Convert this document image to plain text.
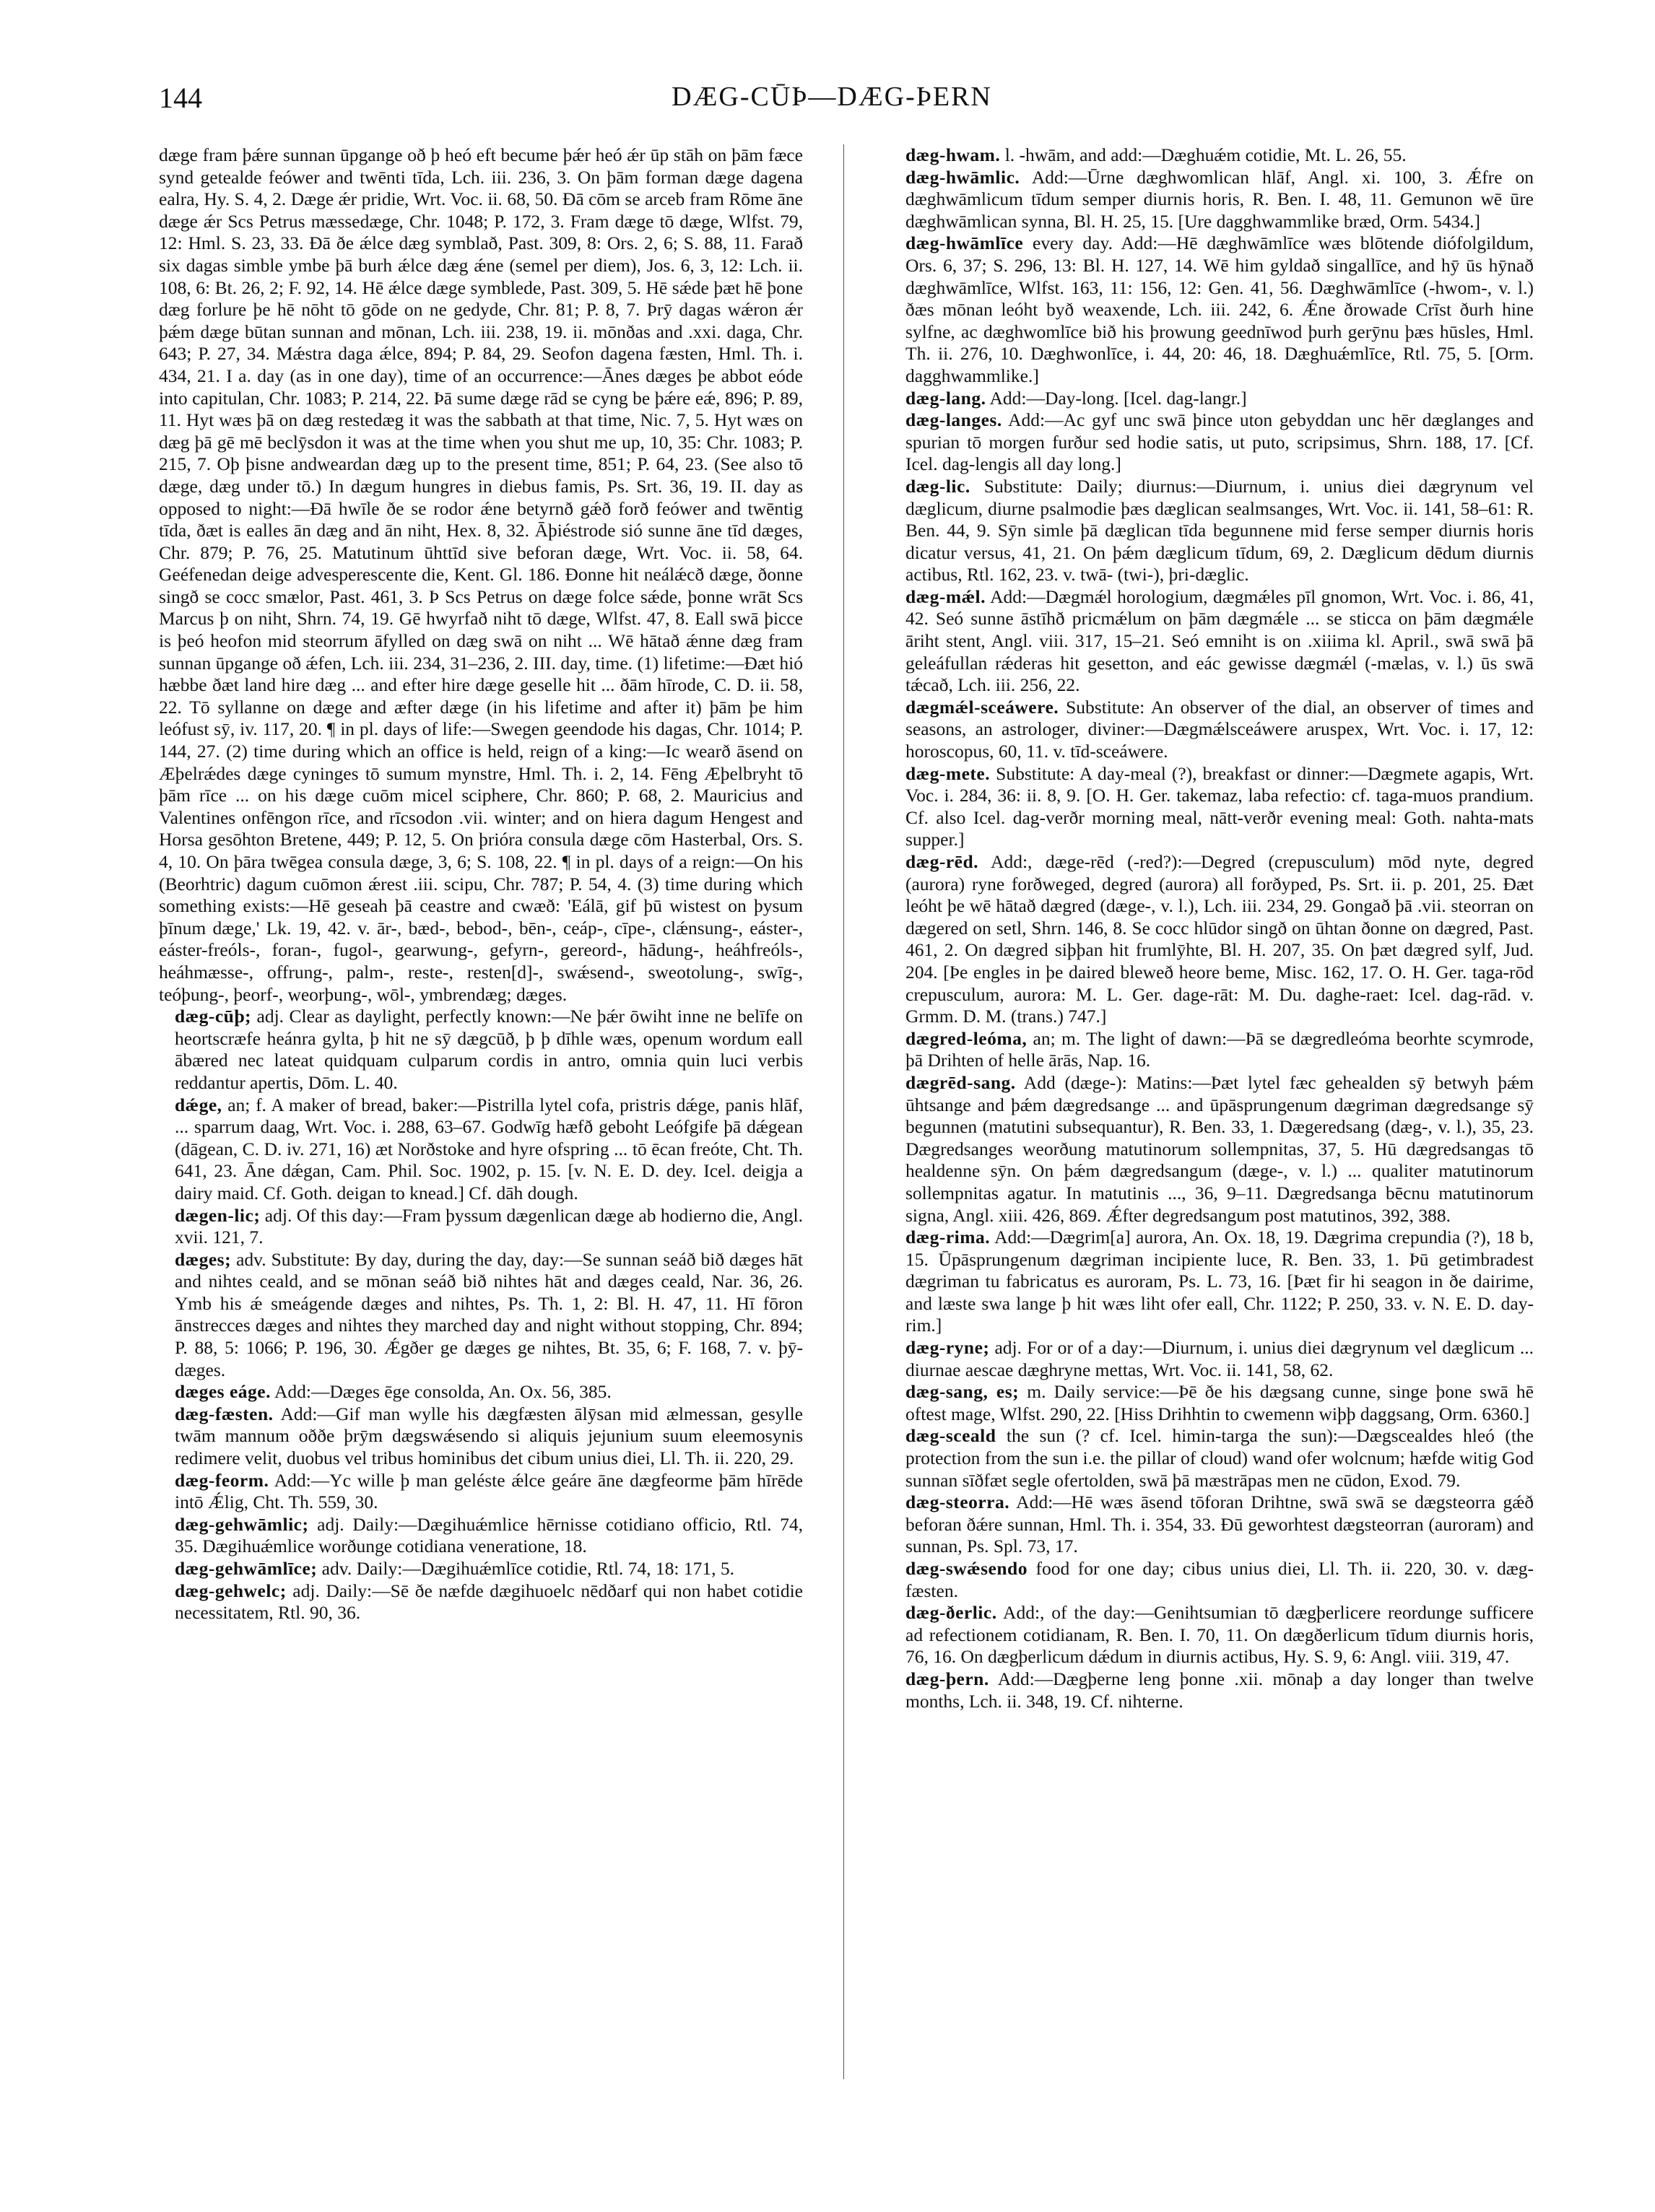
144	DÆG-CŪÞ—DÆG-ÞERN

dæge fram þǽre sunnan ūpgange oð þ heó eft becume þǽr heó ǽr ūp stāh on þām fæce synd getealde feówer and twēnti tīda, Lch. iii. 236, 3. On þām forman dæge dagena ealra, Hy. S. 4, 2. Dæge ǽr pridie, Wrt. Voc. ii. 68, 50. Ðā cōm se arceb fram Rōme āne dæge ǽr Scs Petrus mæssedæge, Chr. 1048; P. 172, 3. Fram dæge tō dæge, Wlfst. 79, 12: Hml. S. 23, 33. Ðā ðe ǽlce dæg symblað, Past. 309, 8: Ors. 2, 6; S. 88, 11. Farað six dagas simble ymbe þā burh ǽlce dæg ǽne (semel per diem), Jos. 6, 3, 12: Lch. ii. 108, 6: Bt. 26, 2; F. 92, 14. Hē ǽlce dæge symblede, Past. 309, 5. Hē sǽde þæt hē þone dæg forlure þe hē nōht tō gōde on ne gedyde, Chr. 81; P. 8, 7. Þrȳ dagas wǽron ǽr þǽm dæge būtan sunnan and mōnan, Lch. iii. 238, 19. ii. mōnðas and .xxi. daga, Chr. 643; P. 27, 34. Mǽstra daga ǽlce, 894; P. 84, 29. Seofon dagena fæsten, Hml. Th. i. 434, 21. I a. day (as in one day), time of an occurrence:—Ānes dæges þe abbot eóde into capitulan, Chr. 1083; P. 214, 22. Þā sume dæge rād se cyng be þǽre eǽ, 896; P. 89, 11. Hyt wæs þā on dæg restedæg it was the sabbath at that time, Nic. 7, 5. Hyt wæs on dæg þā gē mē beclȳsdon it was at the time when you shut me up, 10, 35: Chr. 1083; P. 215, 7. Oþ þisne andweardan dæg up to the present time, 851; P. 64, 23. (See also tō dæge, dæg under tō.) In dægum hungres in diebus famis, Ps. Srt. 36, 19. II. day as opposed to night:—Ðā hwīle ðe se rodor ǽne betyrnð gǽð forð feówer and twēntig tīda, ðæt is ealles ān dæg and ān niht, Hex. 8, 32. Āþiéstrode sió sunne āne tīd dæges, Chr. 879; P. 76, 25. Matutinum ūhttīd sive beforan dæge, Wrt. Voc. ii. 58, 64. Geéfenedan deige advesperescente die, Kent. Gl. 186. Ðonne hit neálǽcð dæge, ðonne singð se cocc smælor, Past. 461, 3. Þ Scs Petrus on dæge folce sǽde, þonne wrāt Scs Marcus þ on niht, Shrn. 74, 19. Gē hwyrfað niht tō dæge, Wlfst. 47, 8. Eall swā þicce is þeó heofon mid steorrum āfylled on dæg swā on niht ... Wē hātað ǽnne dæg fram sunnan ūpgange oð ǽfen, Lch. iii. 234, 31–236, 2. III. day, time. (1) lifetime:—Ðæt hió hæbbe ðæt land hire dæg ... and efter hire dæge geselle hit ... ðām hīrode, C. D. ii. 58, 22. Tō syllanne on dæge and æfter dæge (in his lifetime and after it) þām þe him leófust sȳ, iv. 117, 20. ¶ in pl. days of life:—Swegen geendode his dagas, Chr. 1014; P. 144, 27. (2) time during which an office is held, reign of a king:—Ic wearð āsend on Æþelrǽdes dæge cyninges tō sumum mynstre, Hml. Th. i. 2, 14. Fēng Æþelbryht tō þām rīce ... on his dæge cuōm micel sciphere, Chr. 860; P. 68, 2. Mauricius and Valentines onfēngon rīce, and rīcsodon .vii. winter; and on hiera dagum Hengest and Horsa gesōhton Bretene, 449; P. 12, 5. On þrióra consula dæge cōm Hasterbal, Ors. S. 4, 10. On þāra twēgea consula dæge, 3, 6; S. 108, 22. ¶ in pl. days of a reign:—On his (Beorhtric) dagum cuōmon ǽrest .iii. scipu, Chr. 787; P. 54, 4. (3) time during which something exists:—Hē geseah þā ceastre and cwæð: 'Eálā, gif þū wistest on þysum þīnum dæge,' Lk. 19, 42. v. ār-, bæd-, bebod-, bēn-, ceáp-, cīpe-, clǽnsung-, eáster-, eáster-freóls-, foran-, fugol-, gearwung-, gefyrn-, gereord-, hādung-, heáhfreóls-, heáhmæsse-, offrung-, palm-, reste-, resten[d]-, swǽsend-, sweotolung-, swīg-, teóþung-, þeorf-, weorþung-, wōl-, ymbrendæg; dæges.

dæg-cūþ; adj. Clear as daylight, perfectly known:—Ne þǽr ōwiht inne ne belīfe on heortscræfe heánra gylta, þ hit ne sȳ dægcūð, þ þ dīhle wæs, openum wordum eall ābæred nec lateat quidquam culparum cordis in antro, omnia quin luci verbis reddantur apertis, Dōm. L. 40.

dǽge, an; f. A maker of bread, baker:—Pistrilla lytel cofa, pristris dǽge, panis hlāf, ... sparrum daag, Wrt. Voc. i. 288, 63–67. Godwīg hæfð geboht Leófgife þā dǽgean (dāgean, C. D. iv. 271, 16) æt Norðstoke and hyre ofspring ... tō ēcan freóte, Cht. Th. 641, 23. Āne dǽgan, Cam. Phil. Soc. 1902, p. 15. [v. N. E. D. dey. Icel. deigja a dairy maid. Cf. Goth. deigan to knead.] Cf. dāh dough.

dægen-lic; adj. Of this day:—Fram þyssum dægenlican dæge ab hodierno die, Angl. xvii. 121, 7.

dæges; adv. Substitute: By day, during the day, day:—Se sunnan seáð bið dæges hāt and nihtes ceald, and se mōnan seáð bið nihtes hāt and dæges ceald, Nar. 36, 26. Ymb his ǽ smeágende dæges and nihtes, Ps. Th. 1, 2: Bl. H. 47, 11. Hī fōron ānstrecces dæges and nihtes they marched day and night without stopping, Chr. 894; P. 88, 5: 1066; P. 196, 30. Ǽgðer ge dæges ge nihtes, Bt. 35, 6; F. 168, 7. v. þȳ-dæges.

dæges eáge. Add:—Dæges ēge consolda, An. Ox. 56, 385.

dæg-fæsten. Add:—Gif man wylle his dægfæsten ālȳsan mid ælmessan, gesylle twām mannum oððe þrȳm dægswǽsendo si aliquis jejunium suum eleemosynis redimere velit, duobus vel tribus hominibus det cibum unius diei, Ll. Th. ii. 220, 29.

dæg-feorm. Add:—Yc wille þ man geléste ǽlce geáre āne dægfeorme þām hīrēde intō Ǽlig, Cht. Th. 559, 30.

dæg-gehwāmlic; adj. Daily:—Dægihuǽmlice hērnisse cotidiano officio, Rtl. 74, 35. Dægihuǽmlice worðunge cotidiana veneratione, 18.

dæg-gehwāmlīce; adv. Daily:—Dægihuǽmlīce cotidie, Rtl. 74, 18: 171, 5.

dæg-gehwelc; adj. Daily:—Sē ðe næfde dægihuoelc nēdðarf qui non habet cotidie necessitatem, Rtl. 90, 36.

dæg-hwam. l. -hwām, and add:—Dæghuǽm cotidie, Mt. L. 26, 55.

dæg-hwāmlic. Add:—Ūrne dæghwomlican hlāf, Angl. xi. 100, 3. Ǽfre on dæghwāmlicum tīdum semper diurnis horis, R. Ben. I. 48, 11. Gemunon wē ūre dæghwāmlican synna, Bl. H. 25, 15. [Ure dagghwammlike bræd, Orm. 5434.]

dæg-hwāmlīce every day. Add:—Hē dæghwāmlīce wæs blōtende diófolgildum, Ors. 6, 37; S. 296, 13: Bl. H. 127, 14. Wē him gyldað singallīce, and hȳ ūs hȳnað dæghwāmlīce, Wlfst. 163, 11: 156, 12: Gen. 41, 56. Dæghwāmlīce (-hwom-, v. l.) ðæs mōnan leóht byð weaxende, Lch. iii. 242, 6. Ǽne ðrowade Crīst ðurh hine sylfne, ac dæghwomlīce bið his þrowung geednīwod þurh gerȳnu þæs hūsles, Hml. Th. ii. 276, 10. Dæghwonlīce, i. 44, 20: 46, 18. Dæghuǽmlīce, Rtl. 75, 5. [Orm. dagghwammlike.]

dæg-lang. Add:—Day-long. [Icel. dag-langr.]

dæg-langes. Add:—Ac gyf unc swā þince uton gebyddan unc hēr dæglanges and spurian tō morgen furður sed hodie satis, ut puto, scripsimus, Shrn. 188, 17. [Cf. Icel. dag-lengis all day long.]

dæg-lic. Substitute: Daily; diurnus:—Diurnum, i. unius diei dægrynum vel dæglicum, diurne psalmodie þæs dæglican sealmsanges, Wrt. Voc. ii. 141, 58–61: R. Ben. 44, 9. Sȳn simle þā dæglican tīda begunnene mid ferse semper diurnis horis dicatur versus, 41, 21. On þǽm dæglicum tīdum, 69, 2. Dæglicum dēdum diurnis actibus, Rtl. 162, 23. v. twā- (twi-), þri-dæglic.

dæg-mǽl. Add:—Dægmǽl horologium, dægmǽles pīl gnomon, Wrt. Voc. i. 86, 41, 42. Seó sunne āstīhð pricmǽlum on þām dægmǽle ... se sticca on þām dægmǽle āriht stent, Angl. viii. 317, 15–21. Seó emniht is on .xiiima kl. April., swā swā þā geleáfullan rǽderas hit gesetton, and eác gewisse dægmǽl (-mælas, v. l.) ūs swā tǽcað, Lch. iii. 256, 22.

dægmǽl-sceáwere. Substitute: An observer of the dial, an observer of times and seasons, an astrologer, diviner:—Dægmǽlsceáwere aruspex, Wrt. Voc. i. 17, 12: horoscopus, 60, 11. v. tīd-sceáwere.

dæg-mete. Substitute: A day-meal (?), breakfast or dinner:—Dægmete agapis, Wrt. Voc. i. 284, 36: ii. 8, 9. [O. H. Ger. takemaz, laba refectio: cf. taga-muos prandium. Cf. also Icel. dag-verðr morning meal, nātt-verðr evening meal: Goth. nahta-mats supper.]

dæg-rēd. Add:, dæge-rēd (-red?):—Degred (crepusculum) mōd nyte, degred (aurora) ryne forðweged, degred (aurora) all forðyped, Ps. Srt. ii. p. 201, 25. Ðæt leóht þe wē hātað dægred (dæge-, v. l.), Lch. iii. 234, 29. Gongað þā .vii. steorran on dægered on setl, Shrn. 146, 8. Se cocc hlūdor singð on ūhtan ðonne on dægred, Past. 461, 2. On dægred siþþan hit frumlȳhte, Bl. H. 207, 35. On þæt dægred sylf, Jud. 204. [Þe engles in þe daired bleweð heore beme, Misc. 162, 17. O. H. Ger. taga-rōd crepusculum, aurora: M. L. Ger. dage-rāt: M. Du. daghe-raet: Icel. dag-rād. v. Grmm. D. M. (trans.) 747.]

dægred-leóma, an; m. The light of dawn:—Þā se dægredleóma beorhte scymrode, þā Drihten of helle ārās, Nap. 16.

dægrēd-sang. Add (dæge-): Matins:—Þæt lytel fæc gehealden sȳ betwyh þǽm ūhtsange and þǽm dægredsange ... and ūpāsprungenum dægriman dægredsange sȳ begunnen (matutini subsequantur), R. Ben. 33, 1. Dægeredsang (dæg-, v. l.), 35, 23. Dægredsanges weorðung matutinorum sollempnitas, 37, 5. Hū dægredsangas tō healdenne sȳn. On þǽm dægredsangum (dæge-, v. l.) ... qualiter matutinorum sollempnitas agatur. In matutinis ..., 36, 9–11. Dægredsanga bēcnu matutinorum signa, Angl. xiii. 426, 869. Ǽfter degredsangum post matutinos, 392, 388.

dæg-rima. Add:—Dægrim[a] aurora, An. Ox. 18, 19. Dægrima crepundia (?), 18 b, 15. Ūpāsprungenum dægriman incipiente luce, R. Ben. 33, 1. Þū getimbradest dægriman tu fabricatus es auroram, Ps. L. 73, 16. [Þæt fir hi seagon in ðe dairime, and læste swa lange þ hit wæs liht ofer eall, Chr. 1122; P. 250, 33. v. N. E. D. day-rim.]

dæg-ryne; adj. For or of a day:—Diurnum, i. unius diei dægrynum vel dæglicum ... diurnae aescae dæghryne mettas, Wrt. Voc. ii. 141, 58, 62.

dæg-sang, es; m. Daily service:—Þē ðe his dægsang cunne, singe þone swā hē oftest mage, Wlfst. 290, 22. [Hiss Drihhtin to cwemenn wiþþ daggsang, Orm. 6360.]

dæg-sceald the sun (? cf. Icel. himin-targa the sun):—Dægscealdes hleó (the protection from the sun i.e. the pillar of cloud) wand ofer wolcnum; hæfde witig God sunnan sīðfæt segle ofertolden, swā þā mæstrāpas men ne cūdon, Exod. 79.

dæg-steorra. Add:—Hē wæs āsend tōforan Drihtne, swā swā se dægsteorra gǽð beforan ðǽre sunnan, Hml. Th. i. 354, 33. Ðū geworhtest dægsteorran (auroram) and sunnan, Ps. Spl. 73, 17.

dæg-swǽsendo food for one day; cibus unius diei, Ll. Th. ii. 220, 30. v. dæg-fæsten.

dæg-ðerlic. Add:, of the day:—Genihtsumian tō dægþerlicere reordunge sufficere ad refectionem cotidianam, R. Ben. I. 70, 11. On dægðerlicum tīdum diurnis horis, 76, 16. On dægþerlicum dǽdum in diurnis actibus, Hy. S. 9, 6: Angl. viii. 319, 47.

dæg-þern. Add:—Dægþerne leng þonne .xii. mōnaþ a day longer than twelve months, Lch. ii. 348, 19. Cf. nihterne.
